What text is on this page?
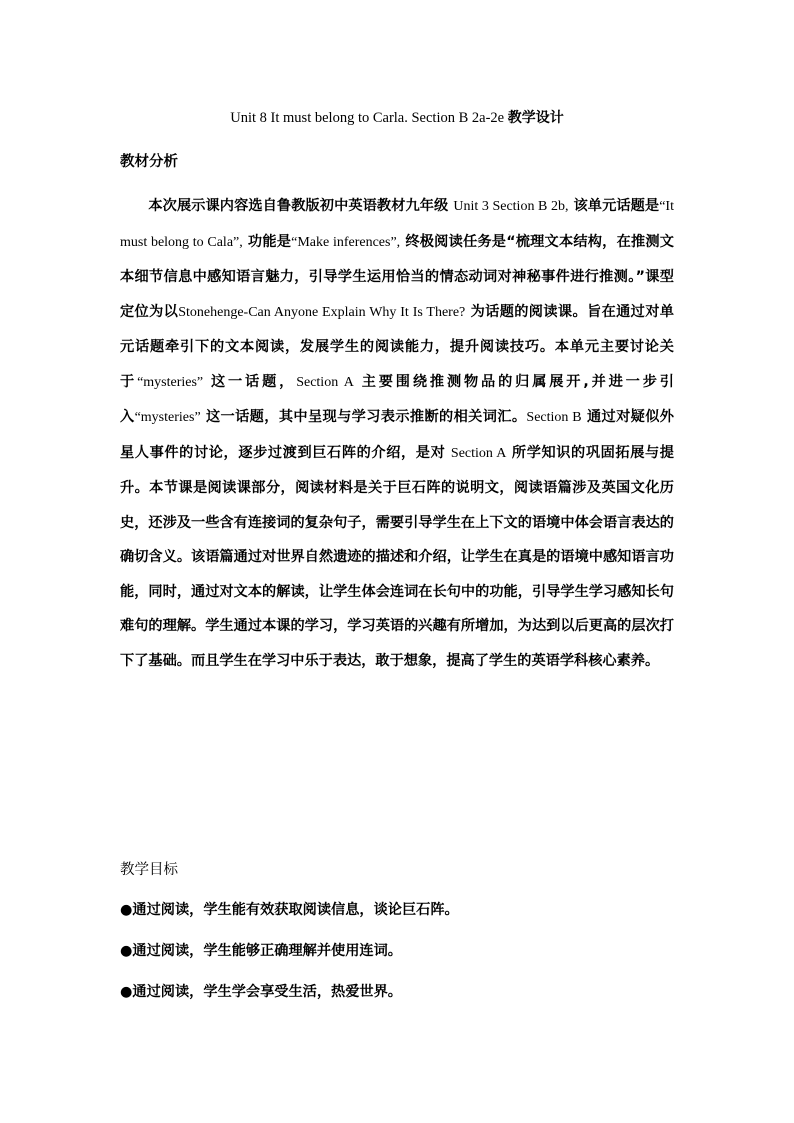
Unit 8 It must belong to Carla. Section B 2a-2e 教学设计
教材分析

本次展示课内容选自鲁教版初中英语教材九年级 Unit 3 Section B 2b, 该单元话题是“It must belong to Cala”, 功能是“Make inferences”, 终极阅读任务是“梳理文本结构，在推测文本细节信息中感知语言魅力，引导学生运用恰当的情态动词对神秘事件进行推测。”课型定位为以Stonehenge-Can Anyone Explain Why It Is There? 为话题的阅读课。旨在通过对单元话题牵引下的文本阅读，发展学生的阅读能力，提升阅读技巧。本单元主要讨论关于“mysteries” 这一话题，Section A 主要围绕推测物品的归属展开,并进一步引入“mysteries” 这一话题，其中呈现与学习表示推断的相关词汇。Section B 通过对疑似外星人事件的讨论，逐步过渡到巨石阵的介绍，是对 Section A 所学知识的巩固拓展与提升。本节课是阅读课部分，阅读材料是关于巨石阵的说明文，阅读语篇涉及英国文化历史，还涉及一些含有连接词的复杂句子，需要引导学生在上下文的语境中体会语言表达的确切含义。该语篇通过对世界自然遗迹的描述和介绍，让学生在真是的语境中感知语言功能，同时，通过对文本的解读，让学生体会连词在长句中的功能，引导学生学习感知长句难句的理解。学生通过本课的学习，学习英语的兴趣有所增加，为达到以后更高的层次打下了基础。而且学生在学习中乐于表达，敢于想象，提高了学生的英语学科核心素养。

教学目标
●通过阅读，学生能有效获取阅读信息，谈论巨石阵。
●通过阅读，学生能够正确理解并使用连词。
●通过阅读，学生学会享受生活，热爱世界。
